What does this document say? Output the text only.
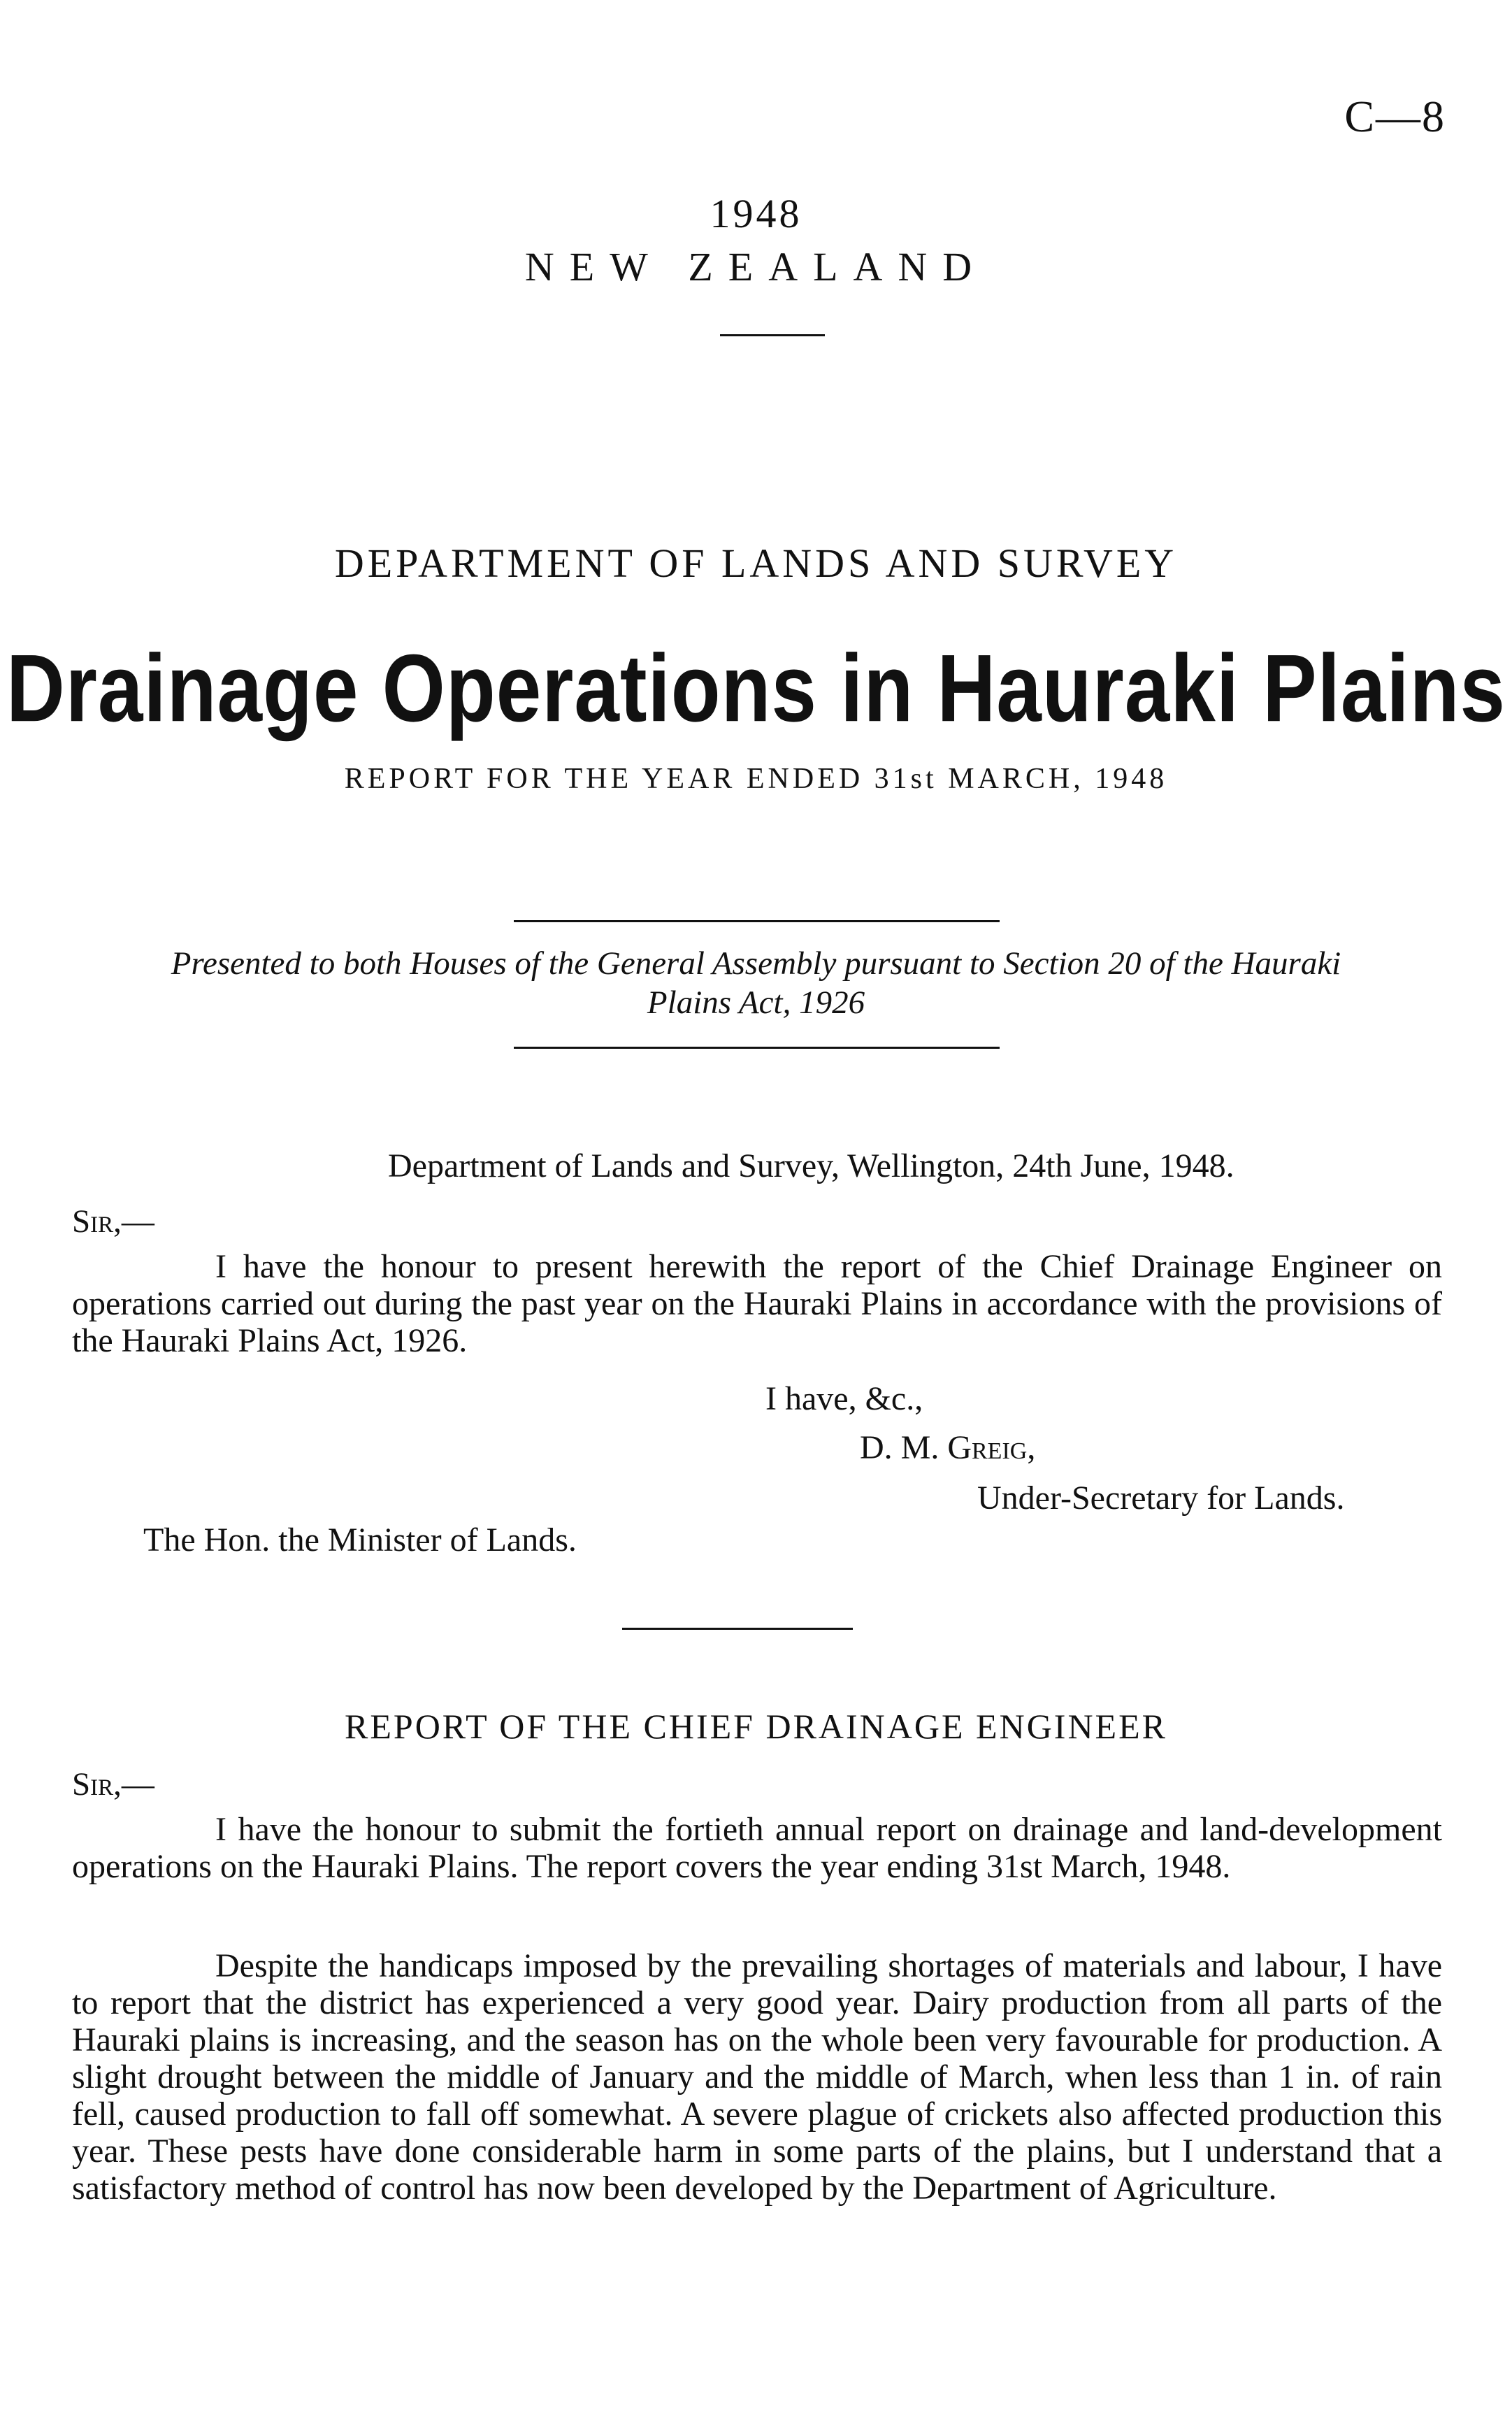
C—8
1948
NEW ZEALAND
DEPARTMENT OF LANDS AND SURVEY
Drainage Operations in Hauraki Plains
REPORT FOR THE YEAR ENDED 31st MARCH, 1948
Presented to both Houses of the General Assembly pursuant to Section 20 of the Hauraki
Plains Act, 1926
Department of Lands and Survey, Wellington, 24th June, 1948.
Sir,—

I have the honour to present herewith the report of the Chief Drainage Engineer on operations carried out during the past year on the Hauraki Plains in accordance with the provisions of the Hauraki Plains Act, 1926.

I have, &c.,
D. M. Greig,
Under-Secretary for Lands.
The Hon. the Minister of Lands.
REPORT OF THE CHIEF DRAINAGE ENGINEER
Sir,—

I have the honour to submit the fortieth annual report on drainage and land-development operations on the Hauraki Plains. The report covers the year ending 31st March, 1948.

Despite the handicaps imposed by the prevailing shortages of materials and labour, I have to report that the district has experienced a very good year. Dairy production from all parts of the Hauraki plains is increasing, and the season has on the whole been very favourable for production. A slight drought between the middle of January and the middle of March, when less than 1 in. of rain fell, caused production to fall off somewhat. A severe plague of crickets also affected production this year. These pests have done considerable harm in some parts of the plains, but I understand that a satisfactory method of control has now been developed by the Department of Agriculture.
